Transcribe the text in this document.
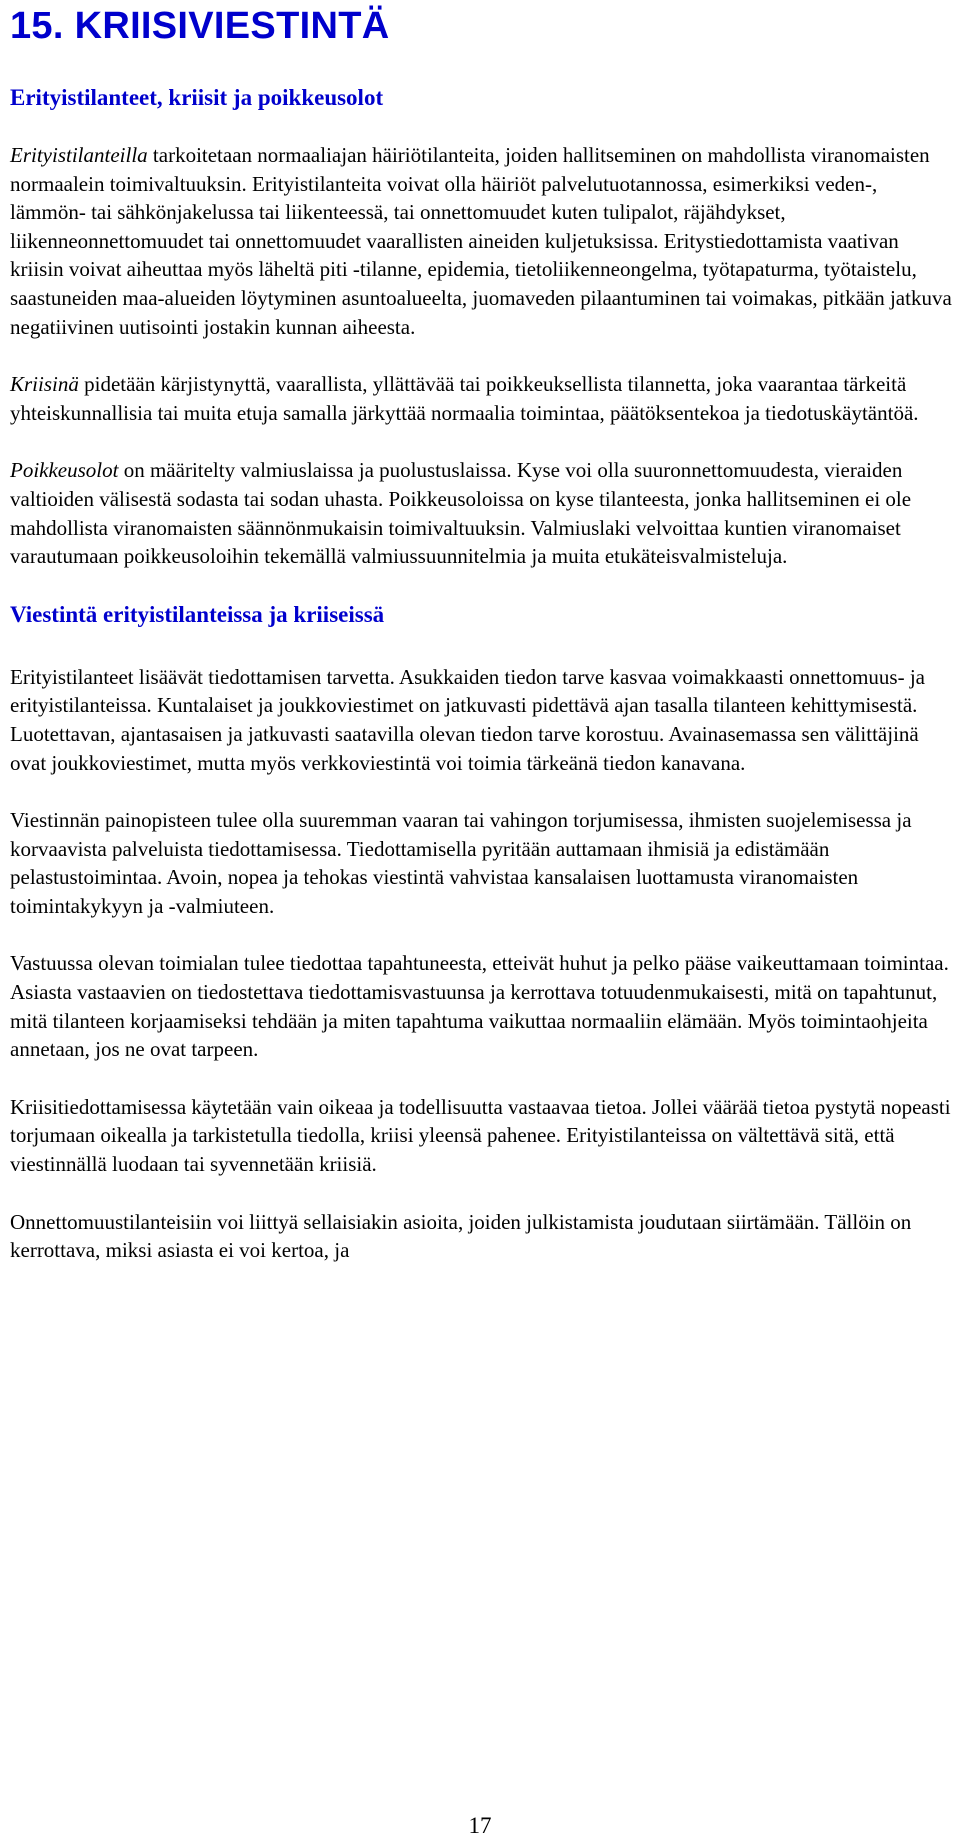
15. KRIISIVIESTINTÄ
Erityistilanteet, kriisit ja poikkeusolot

Erityistilanteilla tarkoitetaan normaaliajan häiriötilanteita, joiden hallitseminen on mahdollista viranomaisten normaalein toimivaltuuksin. Erityistilanteita voivat olla häiriöt palvelutuotannossa, esimerkiksi veden-, lämmön- tai sähkönjakelussa tai liikenteessä, tai onnettomuudet kuten tulipalot, räjähdykset, liikenneonnettomuudet tai onnettomuudet vaarallisten aineiden kuljetuksissa. Eritystiedottamista vaativan kriisin voivat aiheuttaa myös läheltä piti -tilanne, epidemia, tietoliikenneongelma, työtapaturma, työtaistelu, saastuneiden maa-alueiden löytyminen asuntoalueelta, juomaveden pilaantuminen tai voimakas, pitkään jatkuva negatiivinen uutisointi jostakin kunnan aiheesta.

Kriisinä pidetään kärjistynyttä, vaarallista, yllättävää tai poikkeuksellista tilannetta, joka vaarantaa tärkeitä yhteiskunnallisia tai muita etuja samalla järkyttää normaalia toimintaa, päätöksentekoa ja tiedotuskäytäntöä.

Poikkeusolot on määritelty valmiuslaissa ja puolustuslaissa. Kyse voi olla suuronnettomuudesta, vieraiden valtioiden välisestä sodasta tai sodan uhasta. Poikkeusoloissa on kyse tilanteesta, jonka hallitseminen ei ole mahdollista viranomaisten säännönmukaisin toimivaltuuksin. Valmiuslaki velvoittaa kuntien viranomaiset varautumaan poikkeusoloihin tekemällä valmiussuunnitelmia ja muita etukäteisvalmisteluja.

Viestintä erityistilanteissa ja kriiseissä

Erityistilanteet lisäävät tiedottamisen tarvetta. Asukkaiden tiedon tarve kasvaa voimakkaasti onnettomuus- ja erityistilanteissa. Kuntalaiset ja joukkoviestimet on jatkuvasti pidettävä ajan tasalla tilanteen kehittymisestä. Luotettavan, ajantasaisen ja jatkuvasti saatavilla olevan tiedon tarve korostuu. Avainasemassa sen välittäjinä ovat joukkoviestimet, mutta myös verkkoviestintä voi toimia tärkeänä tiedon kanavana.

Viestinnän painopisteen tulee olla suuremman vaaran tai vahingon torjumisessa, ihmisten suojelemisessa ja korvaavista palveluista tiedottamisessa. Tiedottamisella pyritään auttamaan ihmisiä ja edistämään pelastustoimintaa. Avoin, nopea ja tehokas viestintä vahvistaa kansalaisen luottamusta viranomaisten toimintakykyyn ja -valmiuteen.

Vastuussa olevan toimialan tulee tiedottaa tapahtuneesta, etteivät huhut ja pelko pääse vaikeuttamaan toimintaa. Asiasta vastaavien on tiedostettava tiedottamisvastuunsa ja kerrottava totuudenmukaisesti, mitä on tapahtunut, mitä tilanteen korjaamiseksi tehdään ja miten tapahtuma vaikuttaa normaaliin elämään. Myös toimintaohjeita annetaan, jos ne ovat tarpeen.

Kriisitiedottamisessa käytetään vain oikeaa ja todellisuutta vastaavaa tietoa. Jollei väärää tietoa pystytä nopeasti torjumaan oikealla ja tarkistetulla tiedolla, kriisi yleensä pahenee. Erityistilanteissa on vältettävä sitä, että viestinnällä luodaan tai syvennetään kriisiä.

Onnettomuustilanteisiin voi liittyä sellaisiakin asioita, joiden julkistamista joudutaan siirtämään. Tällöin on kerrottava, miksi asiasta ei voi kertoa, ja

17
